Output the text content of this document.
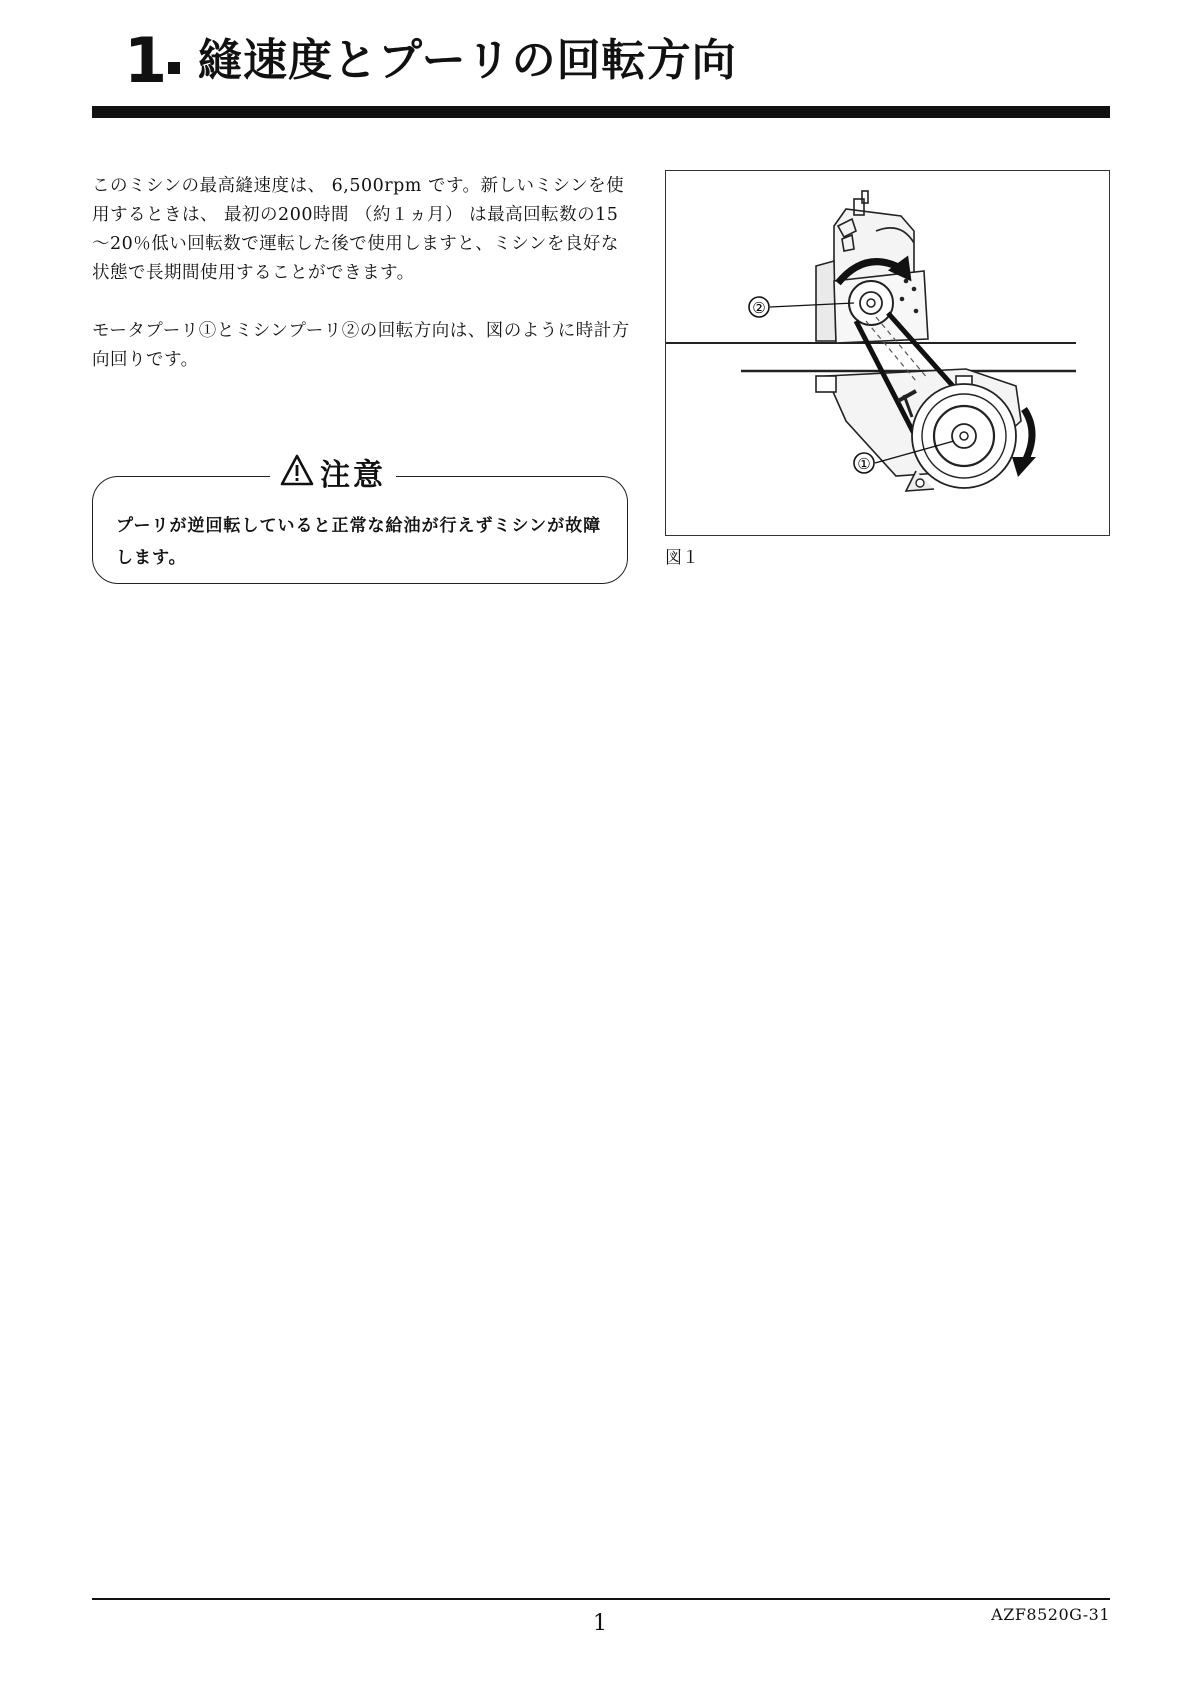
1 縫速度とプーリの回転方向

このミシンの最高縫速度は、 6,500rpm です。新しいミシンを使用するときは、 最初の200時間 （約１ヵ月） は最高回転数の15～20％低い回転数で運転した後で使用しますと、ミシンを良好な状態で長期間使用することができます。

モータプーリ①とミシンプーリ②の回転方向は、図のように時計方向回りです。

注意
プーリが逆回転していると正常な給油が行えずミシンが故障します。
②
①
図１
1	AZF8520G-31
